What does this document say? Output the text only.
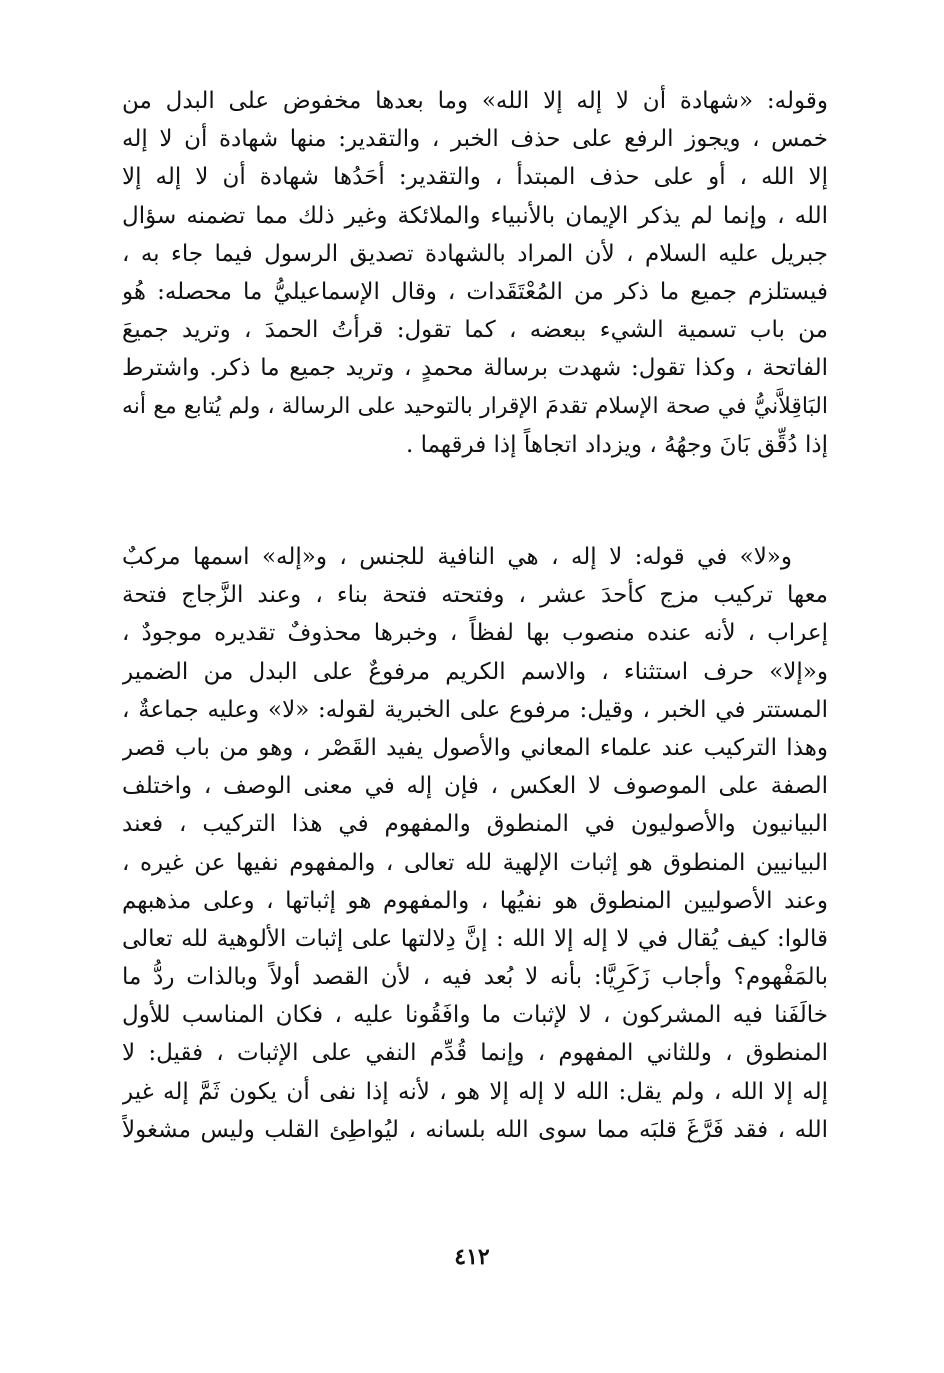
وقوله: «شهادة أن لا إله إلا الله» وما بعدها مخفوض على البدل من
خمس ، ويجوز الرفع على حذف الخبر ، والتقدير: منها شهادة أن لا إله
إلا الله ، أو على حذف المبتدأ ، والتقدير: أحَدُها شهادة أن لا إله إلا
الله ، وإنما لم يذكر الإيمان بالأنبياء والملائكة وغير ذلك مما تضمنه سؤال
جبريل عليه السلام ، لأن المراد بالشهادة تصديق الرسول فيما جاء به ،
فيستلزم جميع ما ذكر من المُعْتَقَدات ، وقال الإسماعيليُّ ما محصله: هُو
من باب تسمية الشيء ببعضه ، كما تقول: قرأتُ الحمدَ ، وتريد جميعَ
الفاتحة ، وكذا تقول: شهدت برسالة محمدٍ ، وتريد جميع ما ذكر. واشترط
البَاقِلاَّنيُّ في صحة الإسلام تقدمَ الإقرار بالتوحيد على الرسالة ، ولم يُتابع مع أنه
إذا دُقِّق بَانَ وجهُهُ ، ويزداد اتجاهاً إذا فرقهما .
و«لا» في قوله: لا إله ، هي النافية للجنس ، و«إله» اسمها مركبٌ
معها تركيب مزج كأحدَ عشر ، وفتحته فتحة بناء ، وعند الزَّجاج فتحة
إعراب ، لأنه عنده منصوب بها لفظاً ، وخبرها محذوفٌ تقديره موجودٌ ،
و«إلا» حرف استثناء ، والاسم الكريم مرفوعٌ على البدل من الضمير
المستتر في الخبر ، وقيل: مرفوع على الخبرية لقوله: «لا» وعليه جماعةٌ ،
وهذا التركيب عند علماء المعاني والأصول يفيد القَصْر ، وهو من باب قصر
الصفة على الموصوف لا العكس ، فإن إله في معنى الوصف ، واختلف
البيانيون والأصوليون في المنطوق والمفهوم في هذا التركيب ، فعند
البيانيين المنطوق هو إثبات الإلهية لله تعالى ، والمفهوم نفيها عن غيره ،
وعند الأصوليين المنطوق هو نفيُها ، والمفهوم هو إثباتها ، وعلى مذهبهم
قالوا: كيف يُقال في لا إله إلا الله : إنَّ دِلالتها على إثبات الألوهية لله تعالى
بالمَفْهوم؟ وأجاب زَكَرِيَّا: بأنه لا بُعد فيه ، لأن القصد أولاً وبالذات ردُّ ما
خالَفَنا فيه المشركون ، لا لإثبات ما وافَقُونا عليه ، فكان المناسب للأول
المنطوق ، وللثاني المفهوم ، وإنما قُدِّم النفي على الإثبات ، فقيل: لا
إله إلا الله ، ولم يقل: الله لا إله إلا هو ، لأنه إذا نفى أن يكون ثَمَّ إله غير
الله ، فقد فَرَّغَ قلبَه مما سوى الله بلسانه ، ليُواطِئ القلب وليس مشغولاً
٤١٢
